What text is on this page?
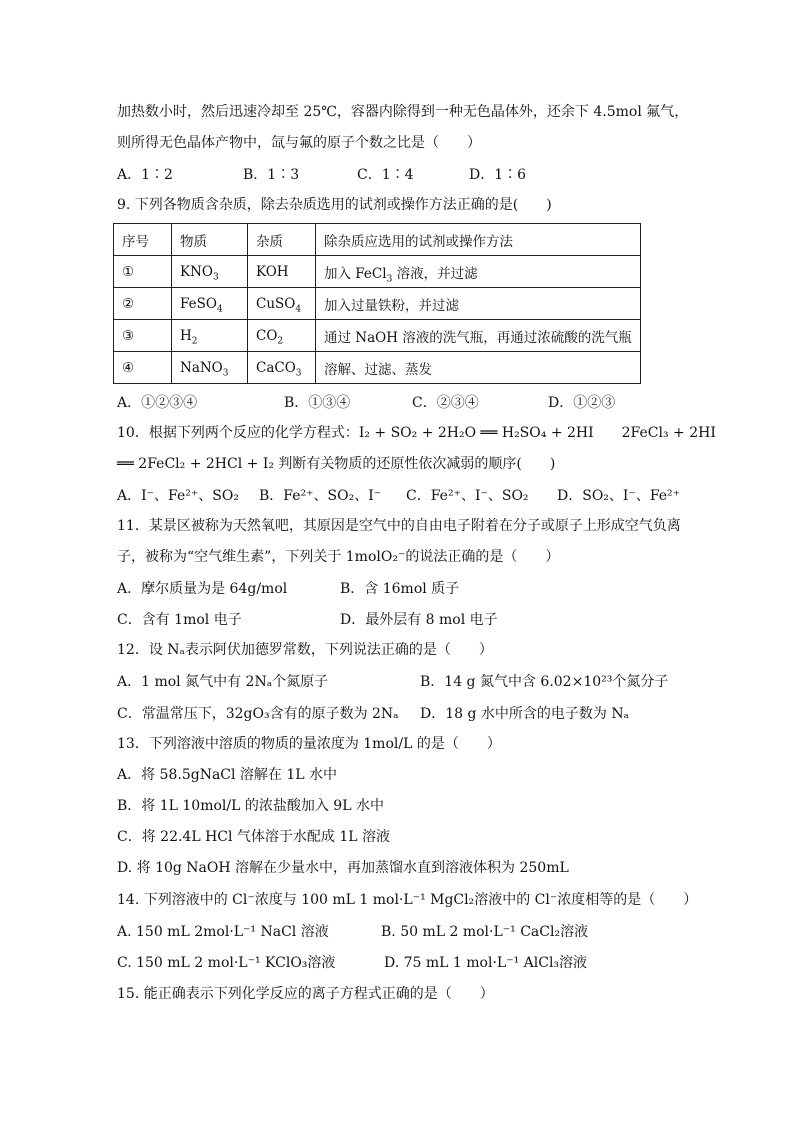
加热数小时，然后迅速冷却至 25℃，容器内除得到一种无色晶体外，还余下 4.5mol 氟气，
则所得无色晶体产物中，氙与氟的原子个数之比是（　　）
A．1∶2	B．1∶3	C．1∶4	D．1∶6
9. 下列各物质含杂质，除去杂质选用的试剂或操作方法正确的是(　　)
序号	物质	杂质	除杂质应选用的试剂或操作方法
①	$KNO_3$	KOH	加入 FeCl$_3$ 溶液，并过滤
②	FeSO$_4$	CuSO$_4$	加入过量铁粉，并过滤
③	$H_2$	$CO_2$	通过 NaOH 溶液的洗气瓶，再通过浓硫酸的洗气瓶
④	NaNO$_3$	CaCO$_3$	溶解、过滤、蒸发
A．①②③④	B．①③④	C．②③④	D．①②③
10．根据下列两个反应的化学方程式：I₂ + SO₂ + 2H₂O ══ H₂SO₄ + 2HI　　2FeCl₃ + 2HI
══ 2FeCl₂ + 2HCl + I₂ 判断有关物质的还原性依次减弱的顺序(　　)
A．I⁻、Fe²⁺、SO₂ B．Fe²⁺、SO₂、I⁻ C．Fe²⁺、I⁻、SO₂ D．SO₂、I⁻、Fe²⁺
11．某景区被称为天然氧吧，其原因是空气中的自由电子附着在分子或原子上形成空气负离
子，被称为“空气维生素”，下列关于 1molO₂⁻的说法正确的是（　　）
A．摩尔质量为是 64g/mol	B．含 16mol 质子
C．含有 1mol 电子	D．最外层有 8 mol 电子
12．设 Nₐ表示阿伏加德罗常数，下列说法正确的是（　　）
A．1 mol 氮气中有 2Nₐ个氮原子	B．14 g 氮气中含 6.02×10²³个氮分子
C．常温常压下，32gO₃含有的原子数为 2Nₐ D．18 g 水中所含的电子数为 Nₐ
13．下列溶液中溶质的物质的量浓度为 1mol/L 的是（　　）
A．将 58.5gNaCl 溶解在 1L 水中
B．将 1L 10mol/L 的浓盐酸加入 9L 水中
C．将 22.4L HCl 气体溶于水配成 1L 溶液
D. 将 10g NaOH 溶解在少量水中，再加蒸馏水直到溶液体积为 250mL
14. 下列溶液中的 Cl⁻浓度与 100 mL 1 mol·L⁻¹ MgCl₂溶液中的 Cl⁻浓度相等的是（　　）
A. 150 mL 2mol·L⁻¹ NaCl 溶液	B. 50 mL 2 mol·L⁻¹ CaCl₂溶液
C. 150 mL 2 mol·L⁻¹ KClO₃溶液	D. 75 mL 1 mol·L⁻¹ AlCl₃溶液
15. 能正确表示下列化学反应的离子方程式正确的是（　　）
